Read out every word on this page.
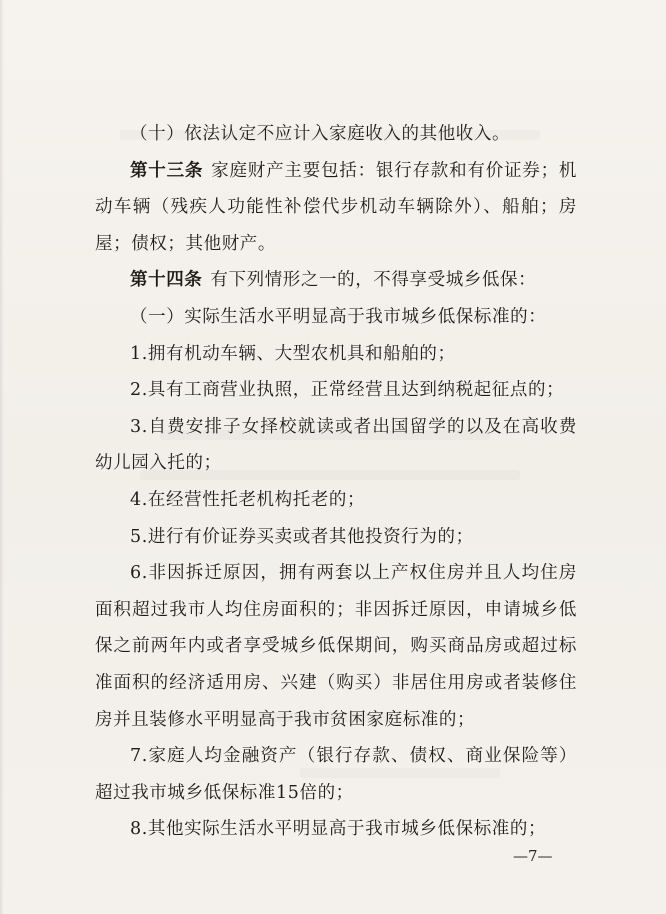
（十）依法认定不应计入家庭收入的其他收入。

第十三条 家庭财产主要包括：银行存款和有价证券；机动车辆（残疾人功能性补偿代步机动车辆除外）、船舶；房屋；债权；其他财产。

第十四条 有下列情形之一的，不得享受城乡低保：

（一）实际生活水平明显高于我市城乡低保标准的：

1.拥有机动车辆、大型农机具和船舶的；

2.具有工商营业执照，正常经营且达到纳税起征点的；

3.自费安排子女择校就读或者出国留学的以及在高收费幼儿园入托的；

4.在经营性托老机构托老的；

5.进行有价证券买卖或者其他投资行为的；

6.非因拆迁原因，拥有两套以上产权住房并且人均住房面积超过我市人均住房面积的；非因拆迁原因，申请城乡低保之前两年内或者享受城乡低保期间，购买商品房或超过标准面积的经济适用房、兴建（购买）非居住用房或者装修住房并且装修水平明显高于我市贫困家庭标准的；

7.家庭人均金融资产（银行存款、债权、商业保险等）超过我市城乡低保标准15倍的；

8.其他实际生活水平明显高于我市城乡低保标准的；

—7—
